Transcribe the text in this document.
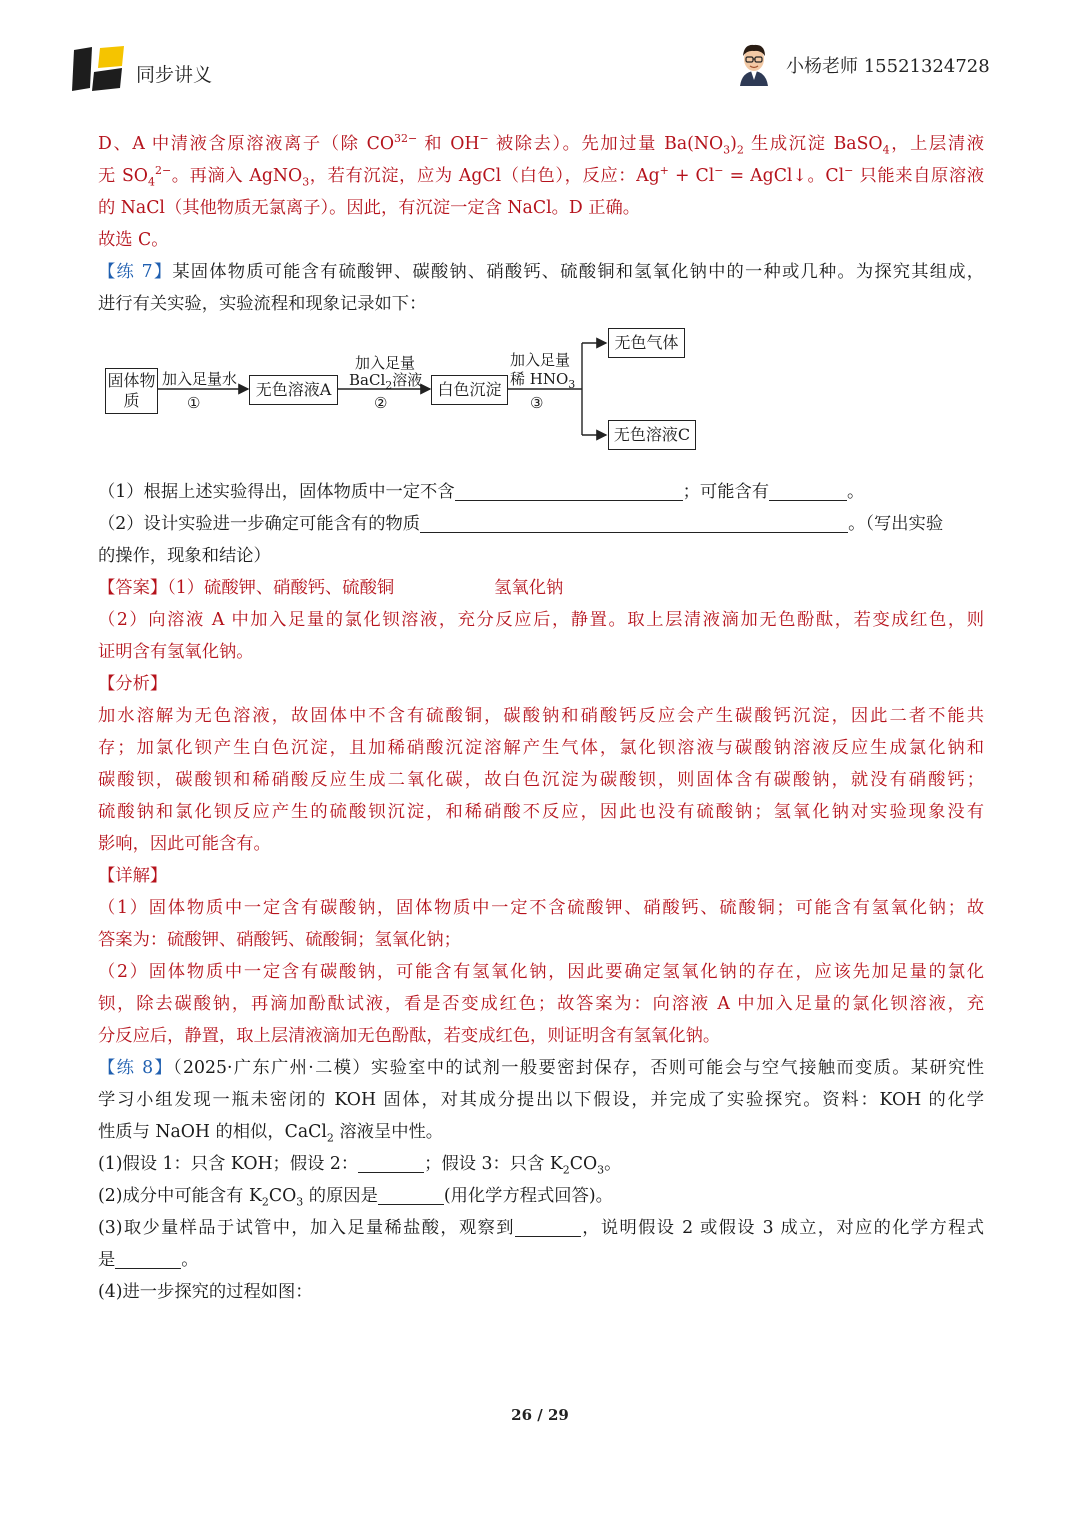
同步讲义	小杨老师 15521324728
D、A 中清液含原溶液离子（除 $CO^{32-}$ 和 OH− 被除去）。先加过量 $Ba(NO_3)_2$ 生成沉淀 BaSO$_4$，上层清液
无 $SO_4^{2-}$。再滴入 AgNO$_3$，若有沉淀，应为 AgCl（白色），反应：Ag+ + Cl− = AgCl↓。Cl− 只能来自原溶液
的 NaCl（其他物质无氯离子）。因此，有沉淀一定含 NaCl。D 正确。
故选 C。
【练 7】某固体物质可能含有硫酸钾、碳酸钠、硝酸钙、硫酸铜和氢氧化钠中的一种或几种。为探究其组成，
进行有关实验，实验流程和现象记录如下：
固体物质
加入足量水
①
无色溶液A
加入足量
BaCl$_2$溶液
②
白色沉淀
加入足量
稀 $HNO_3$
③
无色气体
无色溶液C
（1）根据上述实验得出，固体物质中一定不含	；可能含有	。
（2）设计实验进一步确定可能含有的物质	。（写出实验
的操作，现象和结论）
【答案】（1）硫酸钾、硝酸钙、硫酸铜	氢氧化钠
（2）向溶液 A 中加入足量的氯化钡溶液，充分反应后，静置。取上层清液滴加无色酚酞，若变成红色，则
证明含有氢氧化钠。
【分析】
加水溶解为无色溶液，故固体中不含有硫酸铜，碳酸钠和硝酸钙反应会产生碳酸钙沉淀，因此二者不能共
存；加氯化钡产生白色沉淀，且加稀硝酸沉淀溶解产生气体，氯化钡溶液与碳酸钠溶液反应生成氯化钠和
碳酸钡，碳酸钡和稀硝酸反应生成二氧化碳，故白色沉淀为碳酸钡，则固体含有碳酸钠，就没有硝酸钙；
硫酸钠和氯化钡反应产生的硫酸钡沉淀，和稀硝酸不反应，因此也没有硫酸钠；氢氧化钠对实验现象没有
影响，因此可能含有。
【详解】
（1）固体物质中一定含有碳酸钠，固体物质中一定不含硫酸钾、硝酸钙、硫酸铜；可能含有氢氧化钠；故
答案为：硫酸钾、硝酸钙、硫酸铜；氢氧化钠；
（2）固体物质中一定含有碳酸钠，可能含有氢氧化钠，因此要确定氢氧化钠的存在，应该先加足量的氯化
钡，除去碳酸钠，再滴加酚酞试液，看是否变成红色；故答案为：向溶液 A 中加入足量的氯化钡溶液，充
分反应后，静置，取上层清液滴加无色酚酞，若变成红色，则证明含有氢氧化钠。
【练 8】（2025·广东广州·二模）实验室中的试剂一般要密封保存，否则可能会与空气接触而变质。某研究性
学习小组发现一瓶未密闭的 KOH 固体，对其成分提出以下假设，并完成了实验探究。资料：KOH 的化学
性质与 NaOH 的相似，CaCl$_2$ 溶液呈中性。
(1)假设 1：只含 KOH；假设 2：	；假设 3：只含 $K_2CO_3$。
(2)成分中可能含有 $K_2CO_3$ 的原因是	(用化学方程式回答)。
(3)取少量样品于试管中，加入足量稀盐酸，观察到	，说明假设 2 或假设 3 成立，对应的化学方程式
是	。
(4)进一步探究的过程如图：
26 / 29
